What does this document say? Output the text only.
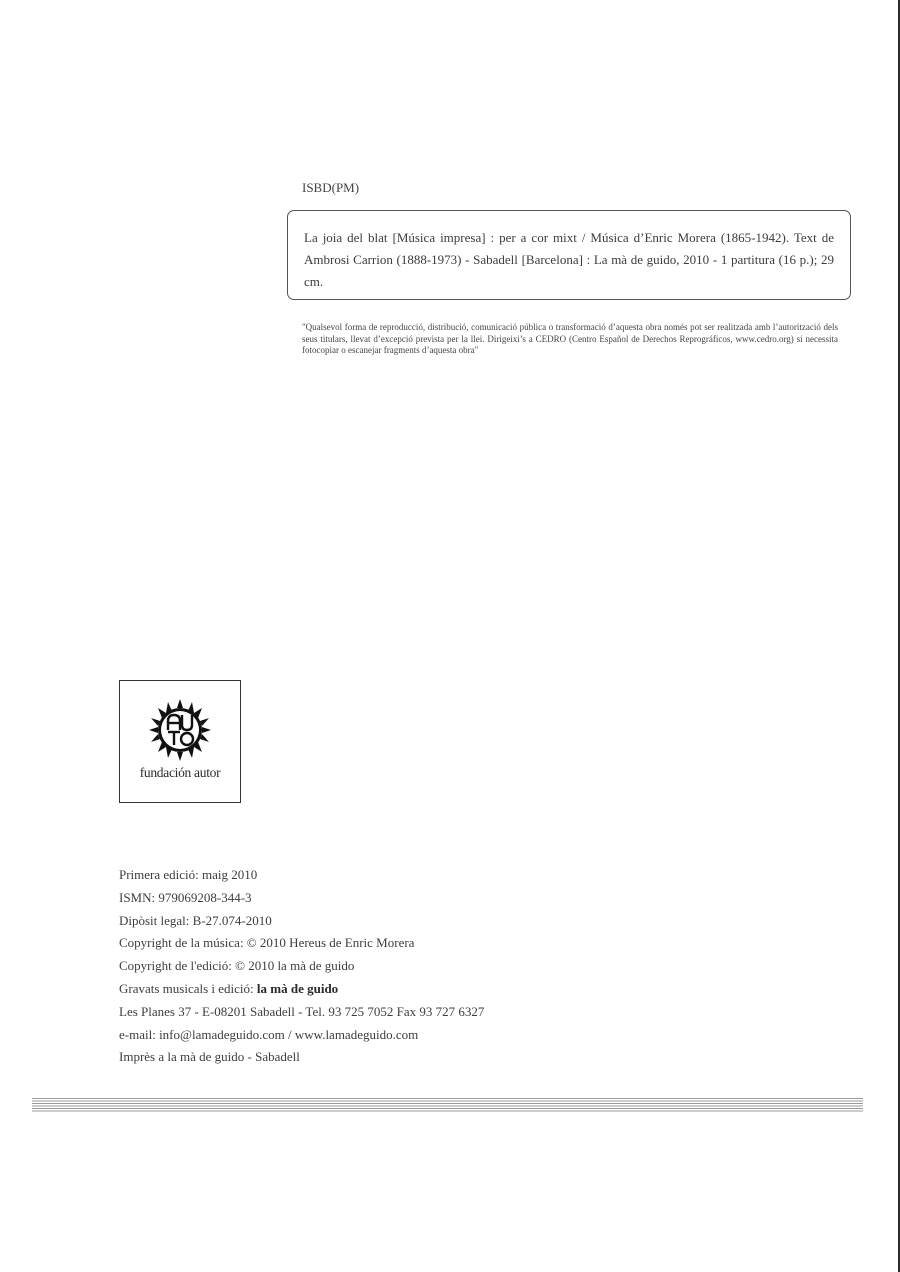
ISBD(PM)
La joia del blat [Música impresa] : per a cor mixt / Música d’Enric Morera (1865-1942). Text de Ambrosi Carrion (1888-1973) - Sabadell [Barcelona] : La mà de guido, 2010 - 1 partitura (16 p.); 29 cm.
"Qualsevol forma de reproducció, distribució, comunicació pública o transformació d’aquesta obra només pot ser realitzada amb l’autorització dels seus titulars, llevat d’excepció prevista per la llei. Dirigeixi’s a CEDRO (Centro Español de Derechos Reprográficos, www.cedro.org) si necessita fotocopiar o escanejar fragments d’aquesta obra"
fundación autor
Primera edició: maig 2010
ISMN: 979069208-344-3
Dipòsit legal: B-27.074-2010
Copyright de la música: © 2010 Hereus de Enric Morera
Copyright de l'edició: © 2010 la mà de guido
Gravats musicals i edició: la mà de guido
Les Planes 37 - E-08201 Sabadell - Tel. 93 725 7052 Fax 93 727 6327
e-mail: info@lamadeguido.com / www.lamadeguido.com
Imprès a la mà de guido - Sabadell
